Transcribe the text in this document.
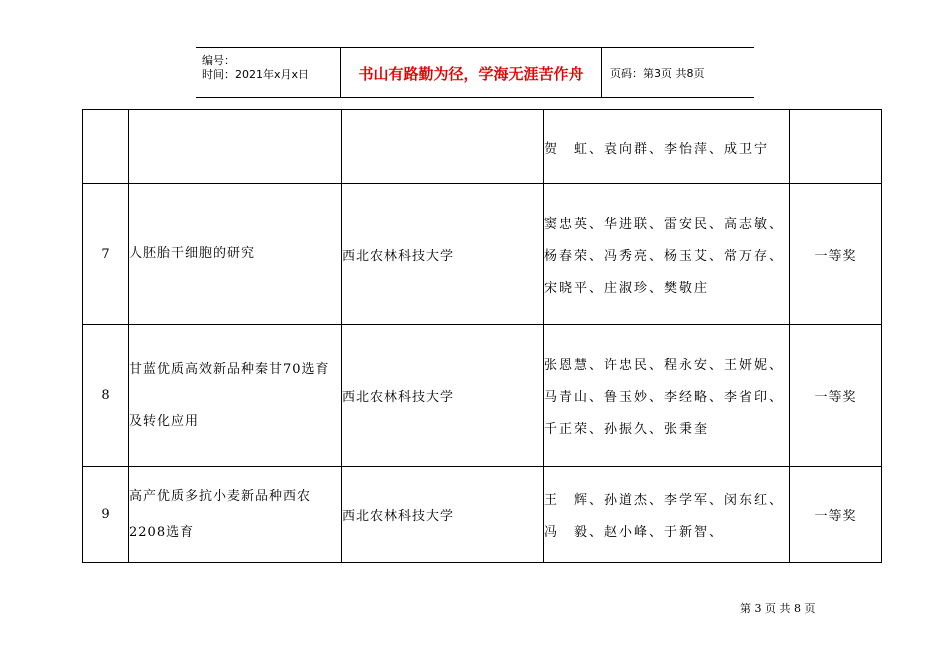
编号：
时间：2021年x月x日	书山有路勤为径，学海无涯苦作舟	页码：第3页 共8页
			贺　虹、袁向群、李怡萍、成卫宁	
7	人胚胎干细胞的研究	西北农林科技大学	窦忠英、华进联、雷安民、高志敏、杨春荣、冯秀亮、杨玉艾、常万存、宋晓平、庄淑珍、樊敬庄	一等奖
8	甘蓝优质高效新品种秦甘70选育及转化应用	西北农林科技大学	张恩慧、许忠民、程永安、王妍妮、马青山、鲁玉妙、李经略、李省印、千正荣、孙振久、张秉奎	一等奖
9	高产优质多抗小麦新品种西农2208选育	西北农林科技大学	王　辉、孙道杰、李学军、闵东红、冯　毅、赵小峰、于新智、	一等奖
第 3 页 共 8 页
